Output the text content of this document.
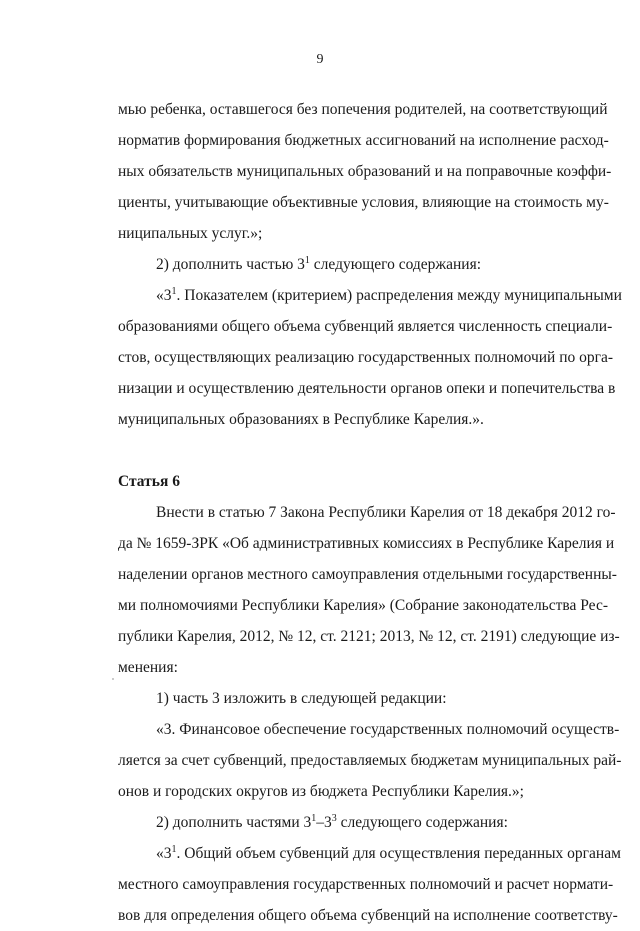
9
мью ребенка, оставшегося без попечения родителей, на соответствующий
норматив формирования бюджетных ассигнований на исполнение расход-
ных обязательств муниципальных образований и на поправочные коэффи-
циенты, учитывающие объективные условия, влияющие на стоимость му-
ниципальных услуг.»;
2) дополнить частью $3^1$ следующего содержания:
«$3^1$. Показателем (критерием) распределения между муниципальными
образованиями общего объема субвенций является численность специали-
стов, осуществляющих реализацию государственных полномочий по орга-
низации и осуществлению деятельности органов опеки и попечительства в
муниципальных образованиях в Республике Карелия.».
Статья 6
Внести в статью 7 Закона Республики Карелия от 18 декабря 2012 го-
да № 1659-ЗРК «Об административных комиссиях в Республике Карелия и
наделении органов местного самоуправления отдельными государственны-
ми полномочиями Республики Карелия» (Собрание законодательства Рес-
публики Карелия, 2012, № 12, ст. 2121; 2013, № 12, ст. 2191) следующие из-
менения:
1) часть 3 изложить в следующей редакции:
«3. Финансовое обеспечение государственных полномочий осуществ-
ляется за счет субвенций, предоставляемых бюджетам муниципальных рай-
онов и городских округов из бюджета Республики Карелия.»;
2) дополнить частями $3^1-3^3$ следующего содержания:
«$3^1$. Общий объем субвенций для осуществления переданных органам
местного самоуправления государственных полномочий и расчет нормати-
вов для определения общего объема субвенций на исполнение соответству-
